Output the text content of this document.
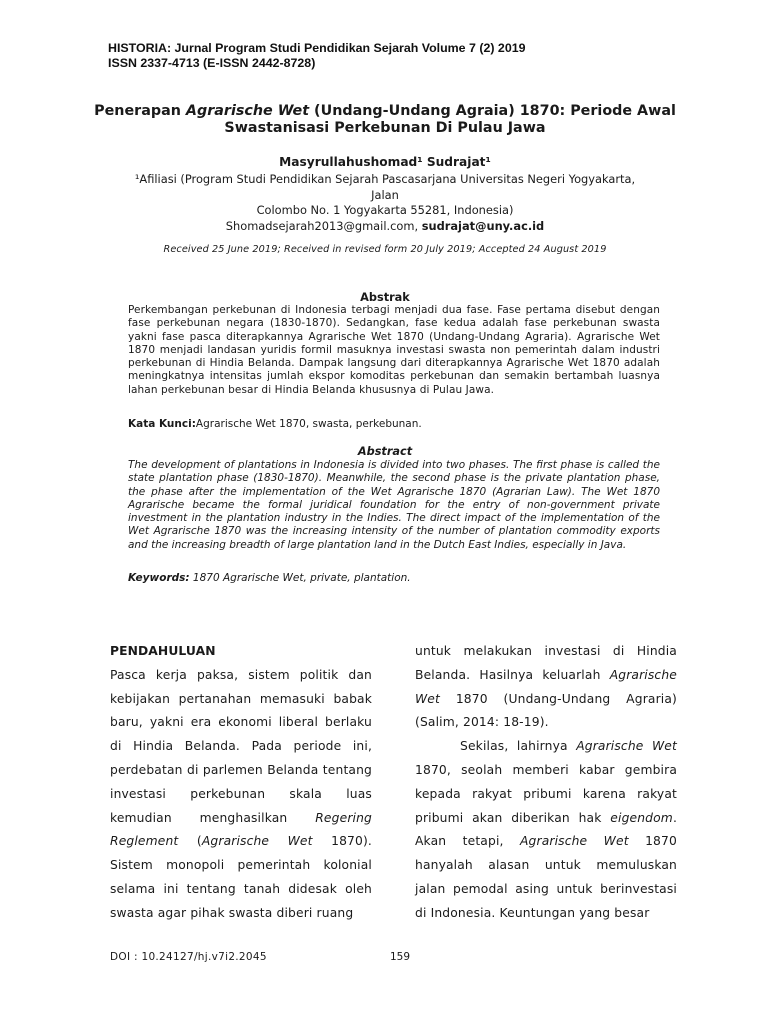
HISTORIA: Jurnal Program Studi Pendidikan Sejarah Volume 7 (2) 2019
ISSN 2337-4713 (E-ISSN 2442-8728)
Penerapan Agrarische Wet (Undang-Undang Agraia) 1870: Periode Awal
Swastanisasi Perkebunan Di Pulau Jawa
Masyrullahushomad¹ Sudrajat¹
¹Afiliasi (Program Studi Pendidikan Sejarah Pascasarjana Universitas Negeri Yogyakarta, Jalan
Colombo No. 1 Yogyakarta 55281, Indonesia)
Shomadsejarah2013@gmail.com, sudrajat@uny.ac.id
Received 25 June 2019; Received in revised form 20 July 2019; Accepted 24 August 2019
Abstrak
Perkembangan perkebunan di Indonesia terbagi menjadi dua fase. Fase pertama disebut dengan fase perkebunan negara (1830-1870). Sedangkan, fase kedua adalah fase perkebunan swasta yakni fase pasca diterapkannya Agrarische Wet 1870 (Undang-Undang Agraria). Agrarische Wet 1870 menjadi landasan yuridis formil masuknya investasi swasta non pemerintah dalam industri perkebunan di Hindia Belanda. Dampak langsung dari diterapkannya Agrarische Wet 1870 adalah meningkatnya intensitas jumlah ekspor komoditas perkebunan dan semakin bertambah luasnya lahan perkebunan besar di Hindia Belanda khususnya di Pulau Jawa.
Kata Kunci:Agrarische Wet 1870, swasta, perkebunan.
Abstract
The development of plantations in Indonesia is divided into two phases. The first phase is called the state plantation phase (1830-1870). Meanwhile, the second phase is the private plantation phase, the phase after the implementation of the Wet Agrarische 1870 (Agrarian Law). The Wet 1870 Agrarische became the formal juridical foundation for the entry of non-government private investment in the plantation industry in the Indies. The direct impact of the implementation of the Wet Agrarische 1870 was the increasing intensity of the number of plantation commodity exports and the increasing breadth of large plantation land in the Dutch East Indies, especially in Java.
Keywords: 1870 Agrarische Wet, private, plantation.
PENDAHULUAN

Pasca kerja paksa, sistem politik dan kebijakan pertanahan memasuki babak baru, yakni era ekonomi liberal berlaku di Hindia Belanda. Pada periode ini, perdebatan di parlemen Belanda tentang investasi perkebunan skala luas kemudian menghasilkan Regering Reglement (Agrarische Wet 1870). Sistem monopoli pemerintah kolonial selama ini tentang tanah didesak oleh swasta agar pihak swasta diberi ruang

untuk melakukan investasi di Hindia Belanda. Hasilnya keluarlah Agrarische Wet 1870 (Undang-Undang Agraria) (Salim, 2014: 18-19).

Sekilas, lahirnya Agrarische Wet 1870, seolah memberi kabar gembira kepada rakyat pribumi karena rakyat pribumi akan diberikan hak eigendom. Akan tetapi, Agrarische Wet 1870 hanyalah alasan untuk memuluskan jalan pemodal asing untuk berinvestasi di Indonesia. Keuntungan yang besar

DOI : 10.24127/hj.v7i2.2045	159
